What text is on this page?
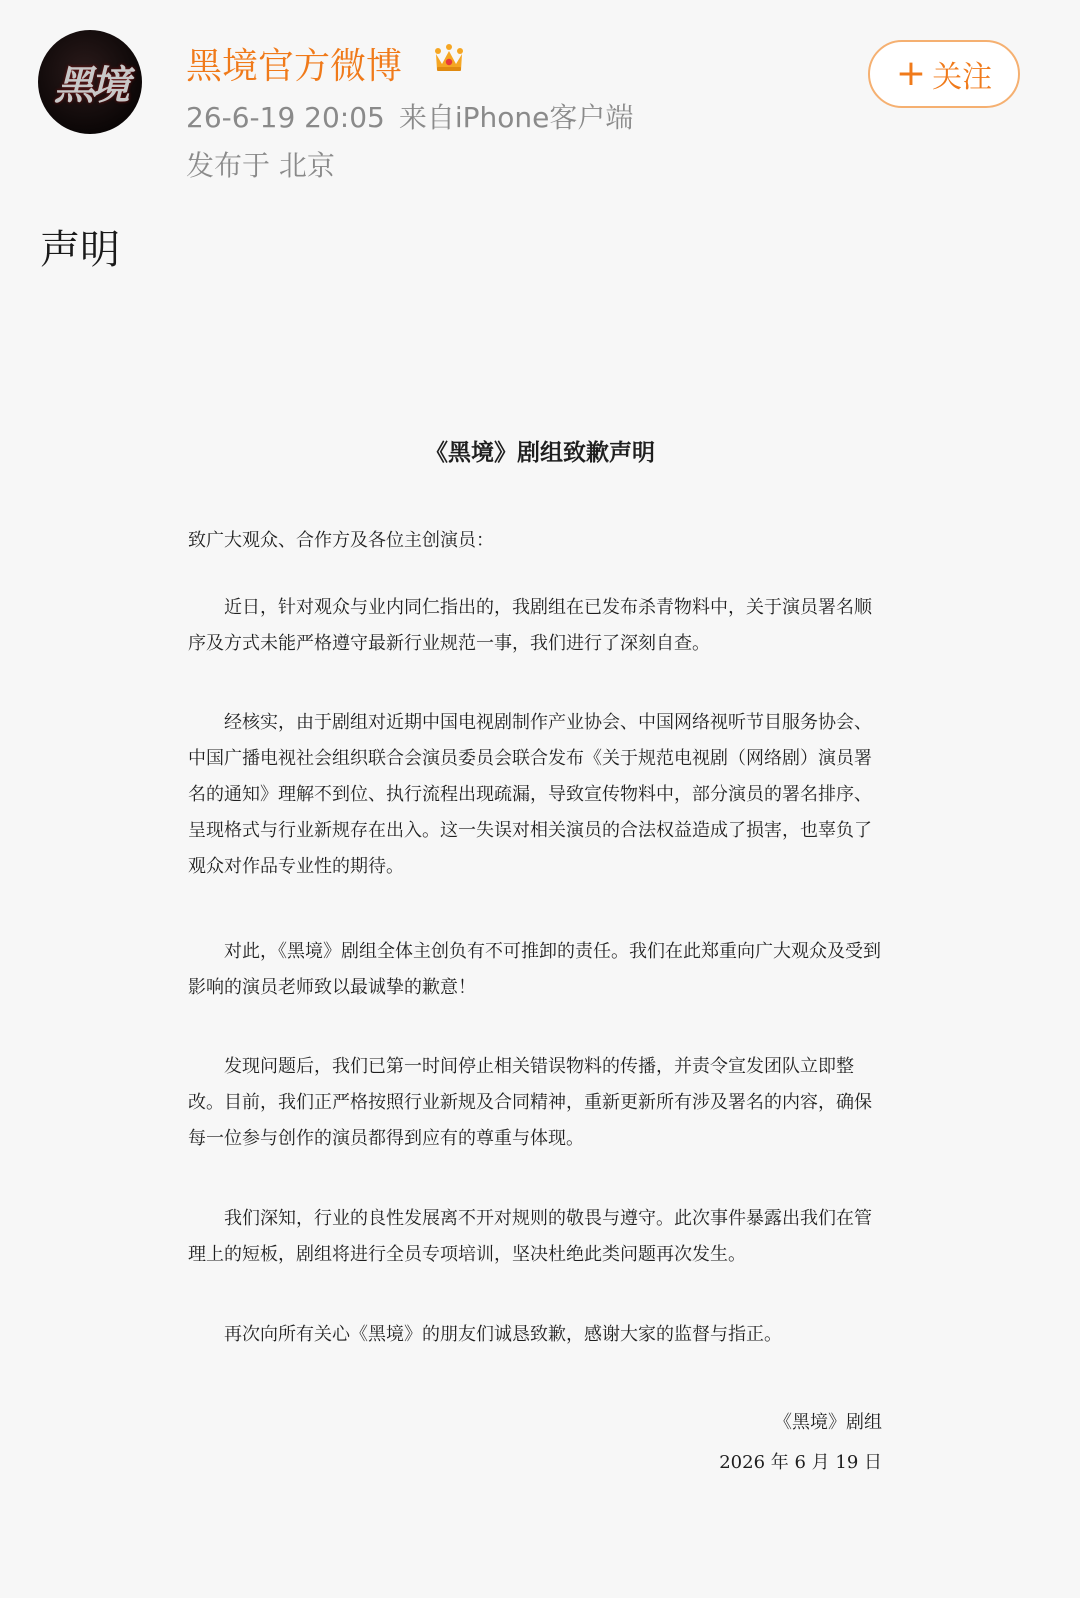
黑境	黑境官方微博
26-6-19 20:05 来自iPhone客户端
发布于 北京
+ 关注
声明
《黑境》剧组致歉声明
致广大观众、合作方及各位主创演员：

近日，针对观众与业内同仁指出的，我剧组在已发布杀青物料中，关于演员署名顺序及方式未能严格遵守最新行业规范一事，我们进行了深刻自查。

经核实，由于剧组对近期中国电视剧制作产业协会、中国网络视听节目服务协会、中国广播电视社会组织联合会演员委员会联合发布《关于规范电视剧（网络剧）演员署名的通知》理解不到位、执行流程出现疏漏，导致宣传物料中，部分演员的署名排序、呈现格式与行业新规存在出入。这一失误对相关演员的合法权益造成了损害，也辜负了观众对作品专业性的期待。

对此，《黑境》剧组全体主创负有不可推卸的责任。我们在此郑重向广大观众及受到影响的演员老师致以最诚挚的歉意！

发现问题后，我们已第一时间停止相关错误物料的传播，并责令宣发团队立即整改。目前，我们正严格按照行业新规及合同精神，重新更新所有涉及署名的内容，确保每一位参与创作的演员都得到应有的尊重与体现。

我们深知，行业的良性发展离不开对规则的敬畏与遵守。此次事件暴露出我们在管理上的短板，剧组将进行全员专项培训，坚决杜绝此类问题再次发生。

再次向所有关心《黑境》的朋友们诚恳致歉，感谢大家的监督与指正。

《黑境》剧组
2026 年 6 月 19 日
